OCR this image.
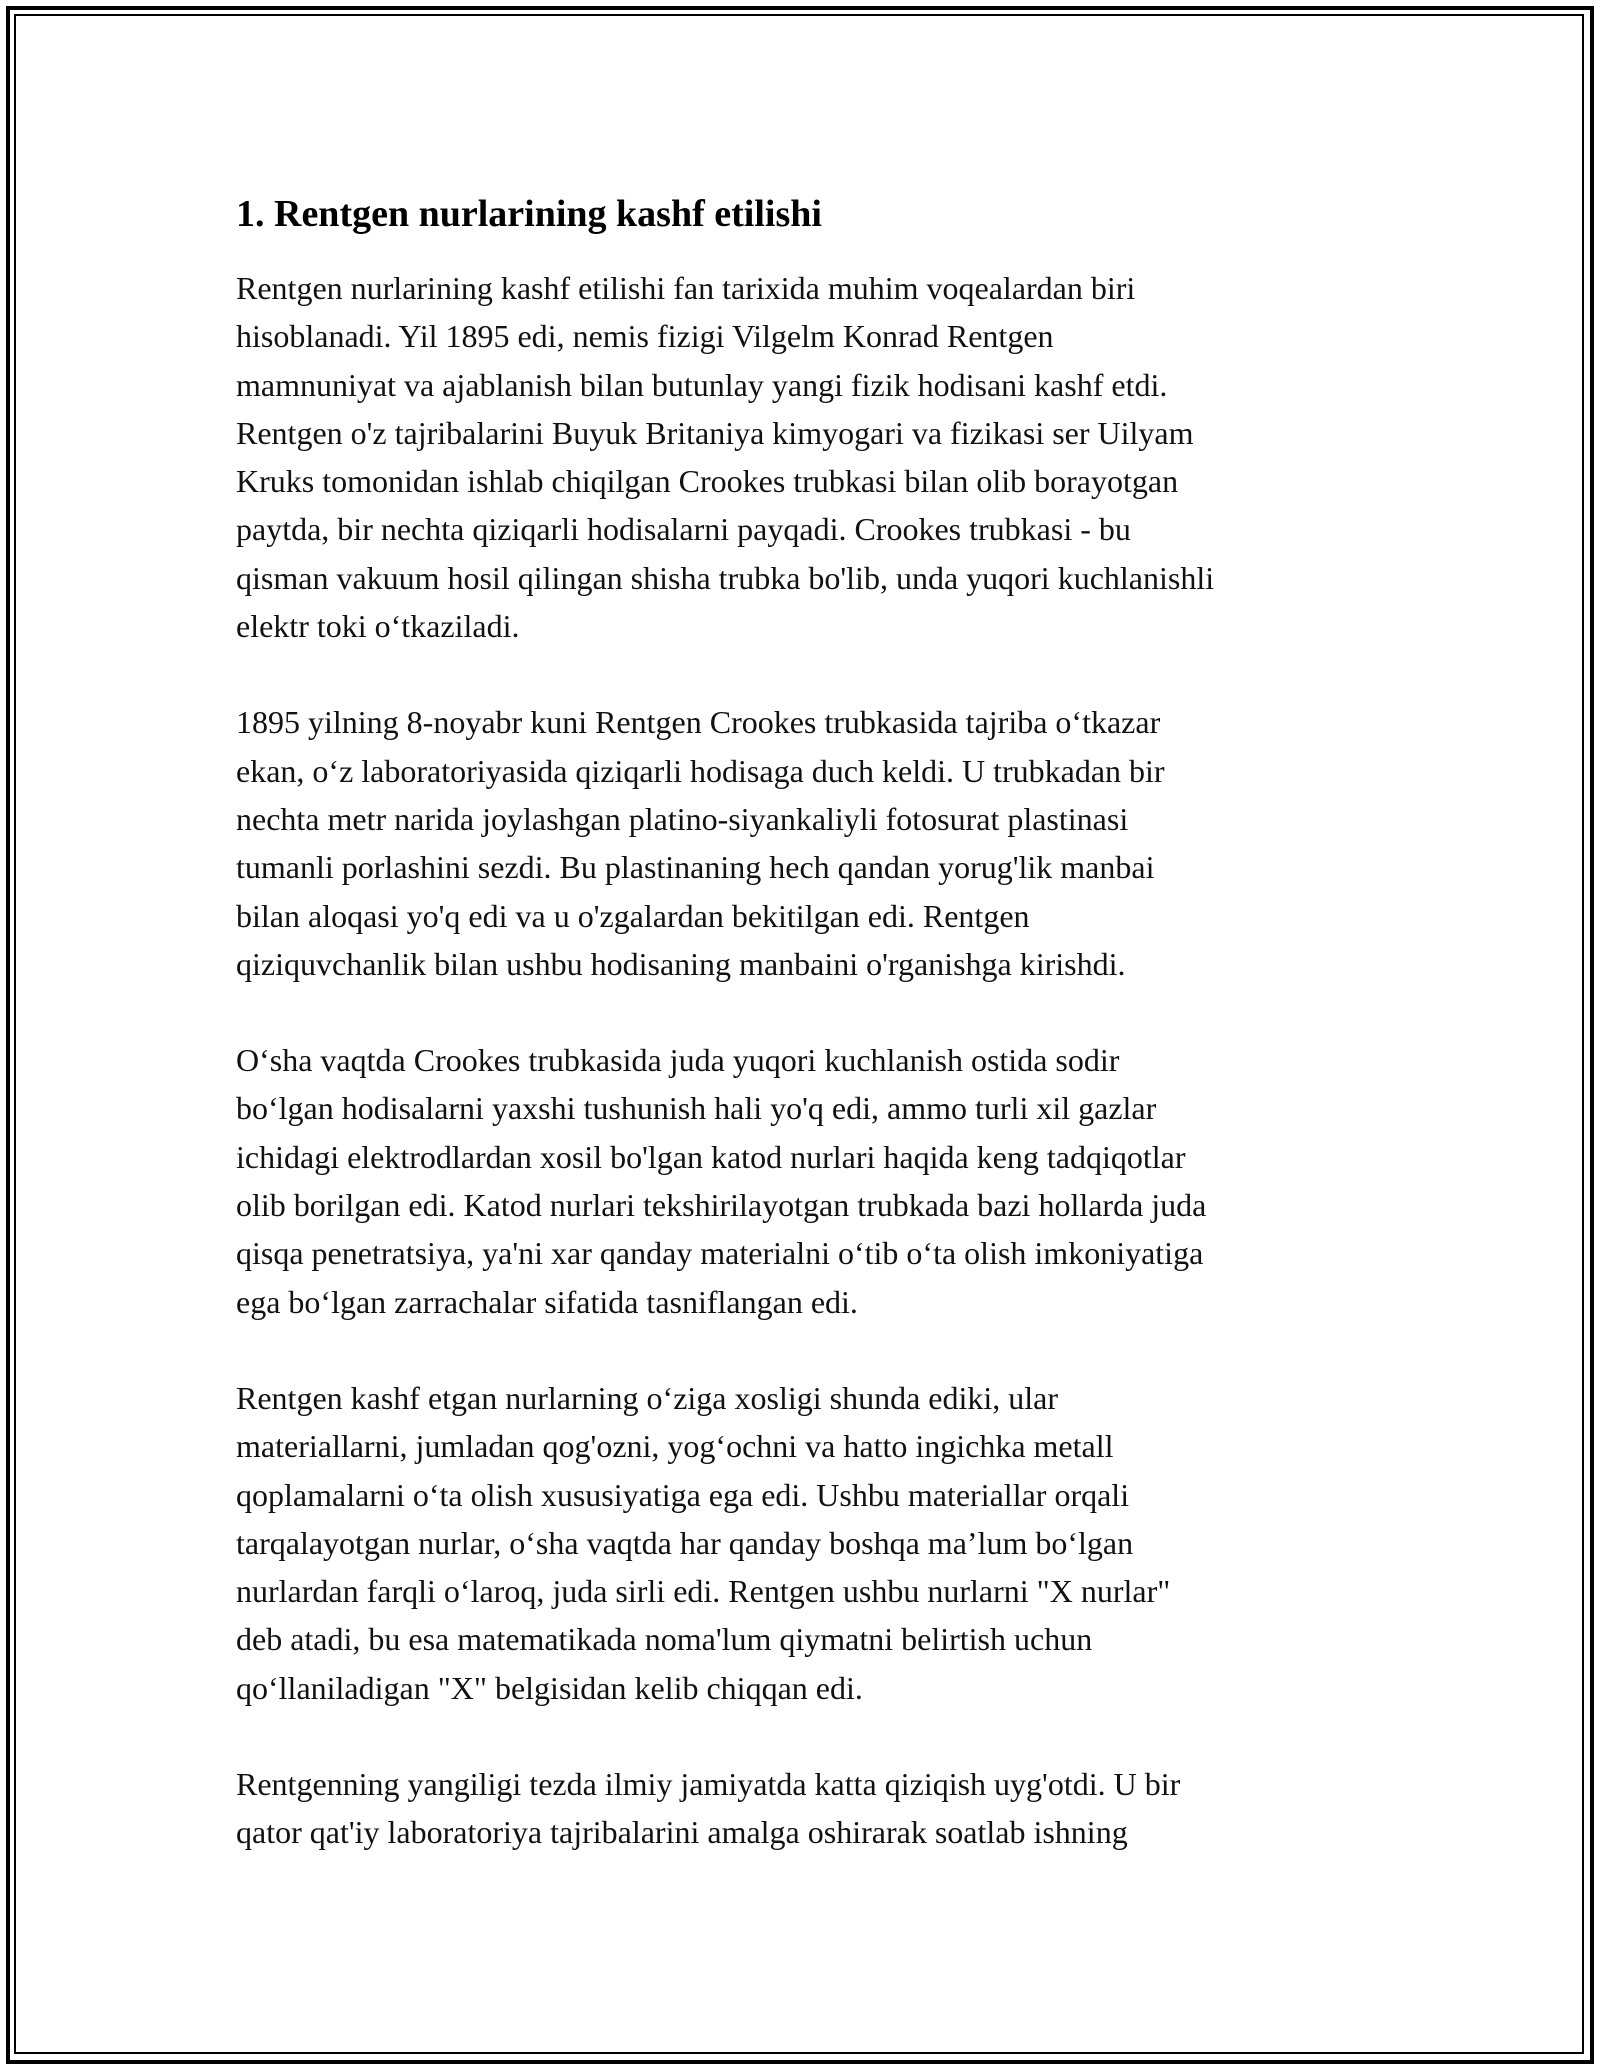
1. Rentgen nurlarining kashf etilishi

Rentgen nurlarining kashf etilishi fan tarixida muhim voqealardan biri
hisoblanadi. Yil 1895 edi, nemis fizigi Vilgelm Konrad Rentgen
mamnuniyat va ajablanish bilan butunlay yangi fizik hodisani kashf etdi.
Rentgen o'z tajribalarini Buyuk Britaniya kimyogari va fizikasi ser Uilyam
Kruks tomonidan ishlab chiqilgan Crookes trubkasi bilan olib borayotgan
paytda, bir nechta qiziqarli hodisalarni payqadi. Crookes trubkasi - bu
qisman vakuum hosil qilingan shisha trubka bo'lib, unda yuqori kuchlanishli
elektr toki oʻtkaziladi.

1895 yilning 8-noyabr kuni Rentgen Crookes trubkasida tajriba oʻtkazar
ekan, oʻz laboratoriyasida qiziqarli hodisaga duch keldi. U trubkadan bir
nechta metr narida joylashgan platino-siyankaliyli fotosurat plastinasi
tumanli porlashini sezdi. Bu plastinaning hech qandan yorug'lik manbai
bilan aloqasi yo'q edi va u o'zgalardan bekitilgan edi. Rentgen
qiziquvchanlik bilan ushbu hodisaning manbaini o'rganishga kirishdi.

Oʻsha vaqtda Crookes trubkasida juda yuqori kuchlanish ostida sodir
boʻlgan hodisalarni yaxshi tushunish hali yo'q edi, ammo turli xil gazlar
ichidagi elektrodlardan xosil bo'lgan katod nurlari haqida keng tadqiqotlar
olib borilgan edi. Katod nurlari tekshirilayotgan trubkada bazi hollarda juda
qisqa penetratsiya, ya'ni xar qanday materialni oʻtib oʻta olish imkoniyatiga
ega boʻlgan zarrachalar sifatida tasniflangan edi.

Rentgen kashf etgan nurlarning oʻziga xosligi shunda ediki, ular
materiallarni, jumladan qog'ozni, yogʻochni va hatto ingichka metall
qoplamalarni oʻta olish xususiyatiga ega edi. Ushbu materiallar orqali
tarqalayotgan nurlar, oʻsha vaqtda har qanday boshqa maʼlum boʻlgan
nurlardan farqli oʻlaroq, juda sirli edi. Rentgen ushbu nurlarni "X nurlar"
deb atadi, bu esa matematikada noma'lum qiymatni belirtish uchun
qoʻllaniladigan "X" belgisidan kelib chiqqan edi.

Rentgenning yangiligi tezda ilmiy jamiyatda katta qiziqish uyg'otdi. U bir
qator qat'iy laboratoriya tajribalarini amalga oshirarak soatlab ishning
